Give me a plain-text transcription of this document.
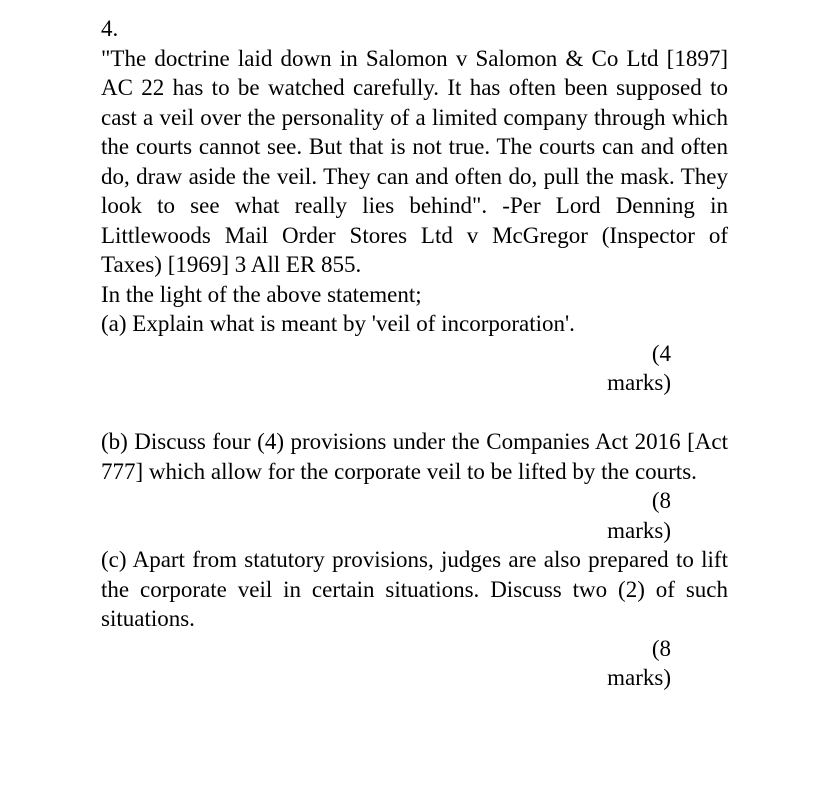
4.
"The doctrine laid down in Salomon v Salomon & Co Ltd [1897] AC 22 has to be watched carefully. It has often been supposed to cast a veil over the personality of a limited company through which the courts cannot see. But that is not true. The courts can and often do, draw aside the veil. They can and often do, pull the mask. They look to see what really lies behind". -Per Lord Denning in Littlewoods Mail Order Stores Ltd v McGregor (Inspector of Taxes) [1969] 3 All ER 855.
In the light of the above statement;
(a) Explain what is meant by 'veil of incorporation'.
(4
marks)
(b) Discuss four (4) provisions under the Companies Act 2016 [Act 777] which allow for the corporate veil to be lifted by the courts.
(8
marks)
(c) Apart from statutory provisions, judges are also prepared to lift the corporate veil in certain situations. Discuss two (2) of such situations.
(8
marks)
